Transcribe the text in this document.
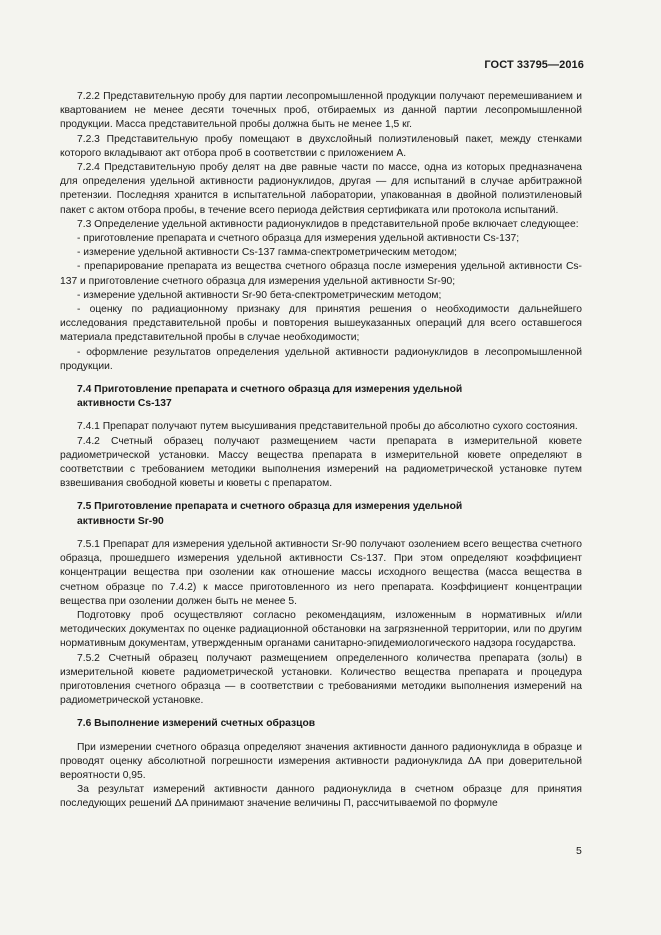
ГОСТ 33795—2016

7.2.2 Представительную пробу для партии лесопромышленной продукции получают перемешиванием и квартованием не менее десяти точечных проб, отбираемых из данной партии лесопромышленной продукции. Масса представительной пробы должна быть не менее 1,5 кг.

7.2.3 Представительную пробу помещают в двухслойный полиэтиленовый пакет, между стенками которого вкладывают акт отбора проб в соответствии с приложением А.

7.2.4 Представительную пробу делят на две равные части по массе, одна из которых предназначена для определения удельной активности радионуклидов, другая — для испытаний в случае арбитражной претензии. Последняя хранится в испытательной лаборатории, упакованная в двойной полиэтиленовый пакет с актом отбора пробы, в течение всего периода действия сертификата или протокола испытаний.

7.3 Определение удельной активности радионуклидов в представительной пробе включает следующее:

- приготовление препарата и счетного образца для измерения удельной активности Cs-137;

- измерение удельной активности Cs-137 гамма-спектрометрическим методом;

- препарирование препарата из вещества счетного образца после измерения удельной активности Cs-137 и приготовление счетного образца для измерения удельной активности Sr-90;

- измерение удельной активности Sr-90 бета-спектрометрическим методом;

- оценку по радиационному признаку для принятия решения о необходимости дальнейшего исследования представительной пробы и повторения вышеуказанных операций для всего оставшегося материала представительной пробы в случае необходимости;

- оформление результатов определения удельной активности радионуклидов в лесопромышленной продукции.

7.4 Приготовление препарата и счетного образца для измерения удельной
активности Cs-137

7.4.1 Препарат получают путем высушивания представительной пробы до абсолютно сухого состояния.

7.4.2 Счетный образец получают размещением части препарата в измерительной кювете радиометрической установки. Массу вещества препарата в измерительной кювете определяют в соответствии с требованием методики выполнения измерений на радиометрической установке путем взвешивания свободной кюветы и кюветы с препаратом.

7.5 Приготовление препарата и счетного образца для измерения удельной
активности Sr-90

7.5.1 Препарат для измерения удельной активности Sr-90 получают озолением всего вещества счетного образца, прошедшего измерения удельной активности Cs-137. При этом определяют коэффициент концентрации вещества при озолении как отношение массы исходного вещества (масса вещества в счетном образце по 7.4.2) к массе приготовленного из него препарата. Коэффициент концентрации вещества при озолении должен быть не менее 5.

Подготовку проб осуществляют согласно рекомендациям, изложенным в нормативных и/или методических документах по оценке радиационной обстановки на загрязненной территории, или по другим нормативным документам, утвержденным органами санитарно-эпидемиологического надзора государства.

7.5.2 Счетный образец получают размещением определенного количества препарата (золы) в измерительной кювете радиометрической установки. Количество вещества препарата и процедура приготовления счетного образца — в соответствии с требованиями методики выполнения измерений на радиометрической установке.

7.6 Выполнение измерений счетных образцов

При измерении счетного образца определяют значения активности данного радионуклида в образце и проводят оценку абсолютной погрешности измерения активности радионуклида ΔA при доверительной вероятности 0,95.

За результат измерений активности данного радионуклида в счетном образце для принятия последующих решений ΔA принимают значение величины П, рассчитываемой по формуле

5
